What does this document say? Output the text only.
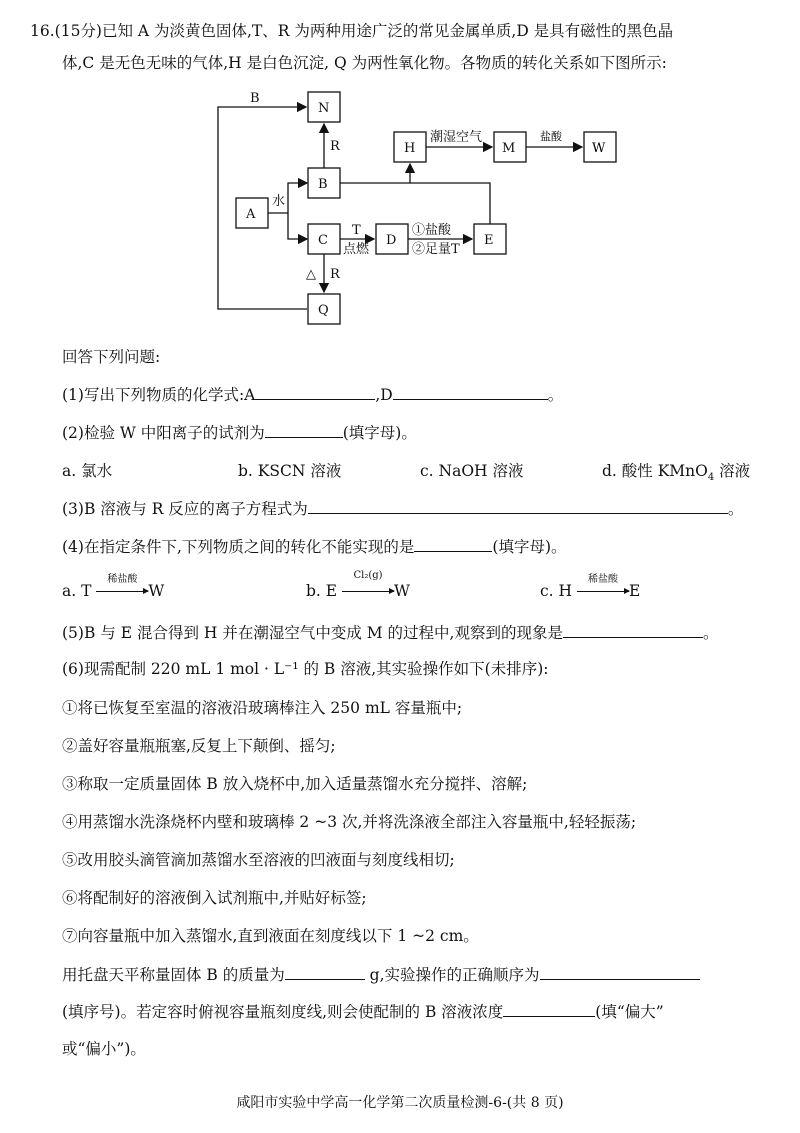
16.(15分)已知 A 为淡黄色固体,T、R 为两种用途广泛的常见金属单质,D 是具有磁性的黑色晶
体,C 是无色无味的气体,H 是白色沉淀, Q 为两性氧化物。各物质的转化关系如下图所示:
N
B
A
C	D	E
Q
H	M
水
R
R
△
B
T
点燃
①盐酸
②足量T
潮湿空气	盐酸
W
回答下列问题:
(1)写出下列物质的化学式:A	,D	。
(2)检验 W 中阳离子的试剂为	(填字母)。
a. 氯水	b. KSCN 溶液	c. NaOH 溶液	d. 酸性 KMnO$_4$ 溶液
(3)B 溶液与 R 反应的离子方程式为	。
(4)在指定条件下,下列物质之间的转化不能实现的是	(填字母)。
a. T
稀盐酸
W	b. E
Cl₂(g)
W	c. H
稀盐酸
E
(5)B 与 E 混合得到 H 并在潮湿空气中变成 M 的过程中,观察到的现象是	。
(6)现需配制 220 mL 1 mol · L⁻¹ 的 B 溶液,其实验操作如下(未排序):
①将已恢复至室温的溶液沿玻璃棒注入 250 mL 容量瓶中;
②盖好容量瓶瓶塞,反复上下颠倒、摇匀;
③称取一定质量固体 B 放入烧杯中,加入适量蒸馏水充分搅拌、溶解;
④用蒸馏水洗涤烧杯内壁和玻璃棒 2 ~3 次,并将洗涤液全部注入容量瓶中,轻轻振荡;
⑤改用胶头滴管滴加蒸馏水至溶液的凹液面与刻度线相切;
⑥将配制好的溶液倒入试剂瓶中,并贴好标签;
⑦向容量瓶中加入蒸馏水,直到液面在刻度线以下 1 ~2 cm。
用托盘天平称量固体 B 的质量为	g,实验操作的正确顺序为
(填序号)。若定容时俯视容量瓶刻度线,则会使配制的 B 溶液浓度	(填“偏大”
或“偏小”)。
咸阳市实验中学高一化学第二次质量检测-6-(共 8 页)
